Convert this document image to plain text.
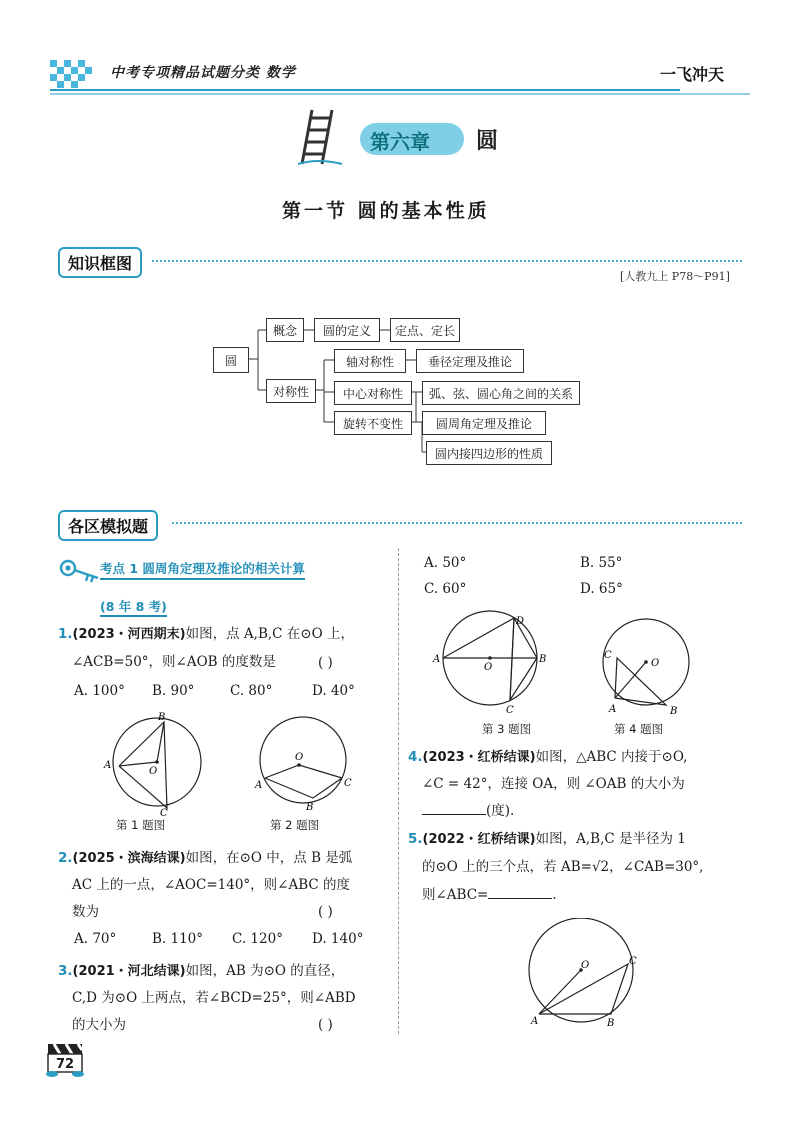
中考专项精品试题分类 数学	一飞冲天
第六章 圆
第一节 圆的基本性质
知识框图
[人教九上 P78～P91]
圆
概念	圆的定义	定点、定长
对称性
轴对称性	垂径定理及推论
中心对称性	弧、弦、圆心角之间的关系
旋转不变性	圆周角定理及推论
圆内接四边形的性质
各区模拟题
考点 1 圆周角定理及推论的相关计算
(8 年 8 考)
1.(2023・河西期末)如图，点 A,B,C 在⊙O 上，
∠ACB=50°，则∠AOB 的度数是	( )
A. 100° B. 90°	C. 80°	D. 40°
B
A
O
C
O
A	C
B
第 1 题图	第 2 题图
2.(2025・滨海结课)如图，在⊙O 中，点 B 是弧
AC 上的一点，∠AOC=140°，则∠ABC 的度
数为	( )
A. 70°	B. 110° C. 120° D. 140°
3.(2021・河北结课)如图，AB 为⊙O 的直径，
C,D 为⊙O 上两点，若∠BCD=25°，则∠ABD
的大小为	( )
A. 50°	B. 55°
C. 60°	D. 65°
A
O
D
B
C
C
O
A	B
第 3 题图	第 4 题图
4.(2023・红桥结课)如图，△ABC 内接于⊙O,
∠C = 42°，连接 OA，则 ∠OAB 的大小为
(度).
5.(2022・红桥结课)如图，A,B,C 是半径为 1
的⊙O 上的三个点，若 AB=√2，∠CAB=30°,
则∠ABC=	.
O	C
A	B
72
